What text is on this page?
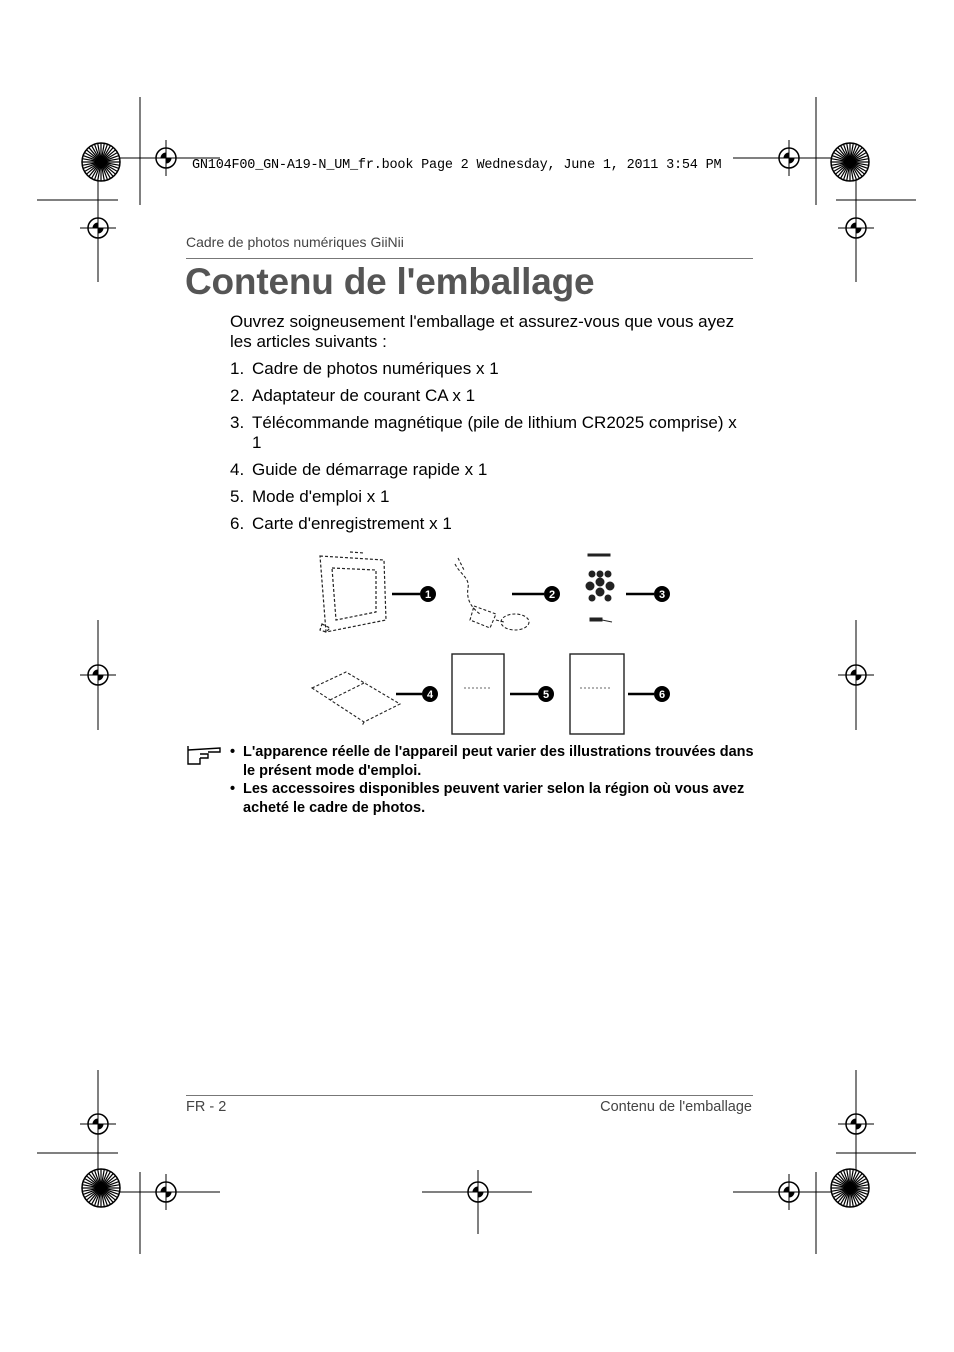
GN104F00_GN-A19-N_UM_fr.book Page 2 Wednesday, June 1, 2011 3:54 PM
Cadre de photos numériques GiiNii
Contenu de l'emballage
Ouvrez soigneusement l'emballage et assurez-vous que vous ayez les articles suivants :
1. Cadre de photos numériques x 1
2. Adaptateur de courant CA x 1
3. Télécommande magnétique (pile de lithium CR2025 comprise) x 1
4. Guide de démarrage rapide x 1
5. Mode d'emploi x 1
6. Carte d'enregistrement x 1
1	2	3
4	5	6
• L'apparence réelle de l'appareil peut varier des illustrations trouvées dans le présent mode d'emploi.
• Les accessoires disponibles peuvent varier selon la région où vous avez acheté le cadre de photos.
FR - 2	Contenu de l'emballage
